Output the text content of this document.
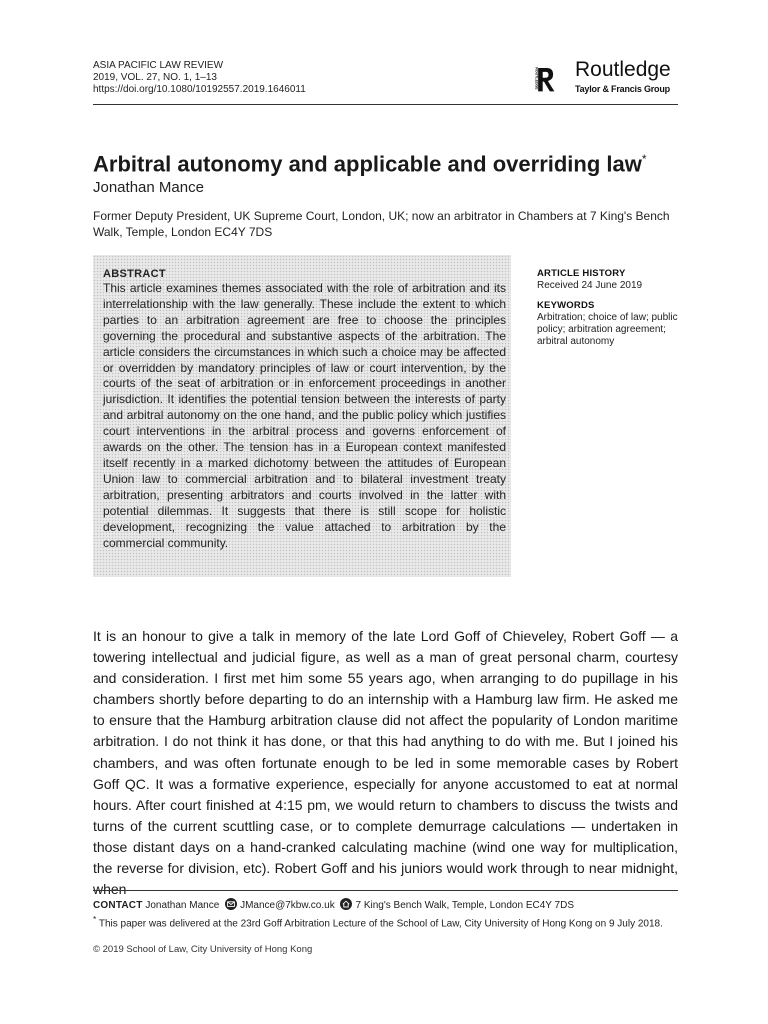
ASIA PACIFIC LAW REVIEW
2019, VOL. 27, NO. 1, 1–13
https://doi.org/10.1080/10192557.2019.1646011	ROUTLEDGE Routledge
Taylor & Francis Group
Arbitral autonomy and applicable and overriding law*
Jonathan Mance
Former Deputy President, UK Supreme Court, London, UK; now an arbitrator in Chambers at 7 King's Bench Walk, Temple, London EC4Y 7DS
ABSTRACT

This article examines themes associated with the role of arbitration and its interrelationship with the law generally. These include the extent to which parties to an arbitration agreement are free to choose the principles governing the procedural and substantive aspects of the arbitration. The article considers the circumstances in which such a choice may be affected or overridden by mandatory principles of law or court intervention, by the courts of the seat of arbitration or in enforcement proceedings in another jurisdiction. It identifies the potential tension between the interests of party and arbitral autonomy on the one hand, and the public policy which justifies court interventions in the arbitral process and governs enforcement of awards on the other. The tension has in a European context manifested itself recently in a marked dichotomy between the attitudes of European Union law to commercial arbitration and to bilateral investment treaty arbitration, presenting arbitrators and courts involved in the latter with potential dilemmas. It suggests that there is still scope for holistic development, recognizing the value attached to arbitration by the commercial community.

ARTICLE HISTORY
Received 24 June 2019
KEYWORDS
Arbitration; choice of law; public policy; arbitration agreement; arbitral autonomy

It is an honour to give a talk in memory of the late Lord Goff of Chieveley, Robert Goff — a towering intellectual and judicial figure, as well as a man of great personal charm, courtesy and consideration. I first met him some 55 years ago, when arranging to do pupillage in his chambers shortly before departing to do an internship with a Hamburg law firm. He asked me to ensure that the Hamburg arbitration clause did not affect the popularity of London maritime arbitration. I do not think it has done, or that this had anything to do with me. But I joined his chambers, and was often fortunate enough to be led in some memorable cases by Robert Goff QC. It was a formative experience, especially for anyone accustomed to eat at normal hours. After court finished at 4:15 pm, we would return to chambers to discuss the twists and turns of the current scuttling case, or to complete demurrage calculations — undertaken in those distant days on a hand-cranked calculating machine (wind one way for multiplication, the reverse for division, etc). Robert Goff and his juniors would work through to near midnight, when

CONTACT Jonathan Mance JMance@7kbw.co.uk 7 King's Bench Walk, Temple, London EC4Y 7DS
* This paper was delivered at the 23rd Goff Arbitration Lecture of the School of Law, City University of Hong Kong on 9 July 2018.
© 2019 School of Law, City University of Hong Kong
